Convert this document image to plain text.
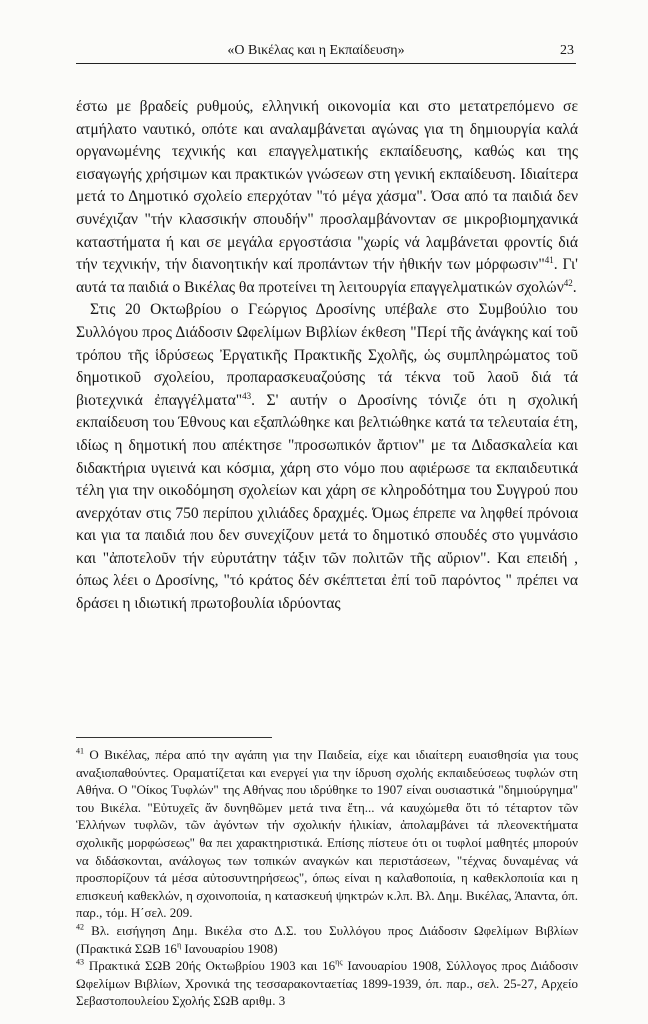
«Ο Βικέλας και η Εκπαίδευση»	23

έστω με βραδείς ρυθμούς, ελληνική οικονομία και στο μετατρεπόμενο σε ατμήλατο ναυτικό, οπότε και αναλαμβάνεται αγώνας για τη δημιουργία καλά οργανωμένης τεχνικής και επαγγελματικής εκπαίδευσης, καθώς και της εισαγωγής χρήσιμων και πρακτικών γνώσεων στη γενική εκπαίδευση. Ιδιαίτερα μετά το Δημοτικό σχολείο επερχόταν "τό μέγα χάσμα". Όσα από τα παιδιά δεν συνέχιζαν "τήν κλασσικήν σπουδήν" προσλαμβάνονταν σε μικροβιομηχανικά καταστήματα ή και σε μεγάλα εργοστάσια "χωρίς νά λαμβάνεται φροντίς διά τήν τεχνικήν, τήν διανοητικήν καί προπάντων τήν ἠθικήν των μόρφωσιν"$^{41}$. Γι' αυτά τα παιδιά ο Βικέλας θα προτείνει τη λειτουργία επαγγελματικών σχολών$^{42}$.

Στις 20 Οκτωβρίου ο Γεώργιος Δροσίνης υπέβαλε στο Συμβούλιο του Συλλόγου προς Διάδοσιν Ωφελίμων Βιβλίων έκθεση "Περί τῆς ἀνάγκης καί τοῦ τρόπου τῆς ἱδρύσεως Ἐργατικῆς Πρακτικῆς Σχολῆς, ὡς συμπληρώματος τοῦ δημοτικοῦ σχολείου, προπαρασκευαζούσης τά τέκνα τοῦ λαοῦ διά τά βιοτεχνικά ἐπαγγέλματα"$^{43}$. Σ' αυτήν ο Δροσίνης τόνιζε ότι η σχολική εκπαίδευση του Έθνους και εξαπλώθηκε και βελτιώθηκε κατά τα τελευταία έτη, ιδίως η δημοτική που απέκτησε "προσωπικόν ἄρτιον" με τα Διδασκαλεία και διδακτήρια υγιεινά και κόσμια, χάρη στο νόμο που αφιέρωσε τα εκπαιδευτικά τέλη για την οικοδόμηση σχολείων και χάρη σε κληροδότημα του Συγγρού που ανερχόταν στις 750 περίπου χιλιάδες δραχμές. Όμως έπρεπε να ληφθεί πρόνοια και για τα παιδιά που δεν συνεχίζουν μετά το δημοτικό σπουδές στο γυμνάσιο και "ἀποτελοῦν τήν εὐρυτάτην τάξιν τῶν πολιτῶν τῆς αὔριον". Και επειδή , όπως λέει ο Δροσίνης, "τό κράτος δέν σκέπτεται ἐπί τοῦ παρόντος " πρέπει να δράσει η ιδιωτική πρωτοβουλία ιδρύοντας

$^{41}$ Ο Βικέλας, πέρα από την αγάπη για την Παιδεία, είχε και ιδιαίτερη ευαισθησία για τους αναξιοπαθούντες. Οραματίζεται και ενεργεί για την ίδρυση σχολής εκπαιδεύσεως τυφλών στη Αθήνα. Ο "Οίκος Τυφλών" της Αθήνας που ιδρύθηκε το 1907 είναι ουσιαστικά "δημιούργημα" του Βικέλα. "Εὐτυχεῖς ἄν δυνηθῶμεν μετά τινα ἔτη... νά καυχώμεθα ὅτι τό τέταρτον τῶν Ἑλλήνων τυφλῶν, τῶν ἀγόντων τήν σχολικήν ἡλικίαν, ἀπολαμβάνει τά πλεονεκτήματα σχολικῆς μορφώσεως" θα πει χαρακτηριστικά. Επίσης πίστευε ότι οι τυφλοί μαθητές μπορούν να διδάσκονται, ανάλογως των τοπικών αναγκών και περιστάσεων, "τέχνας δυναμένας νά προσπορίζουν τά μέσα αὐτοσυντηρήσεως", όπως είναι η καλαθοποιία, η καθεκλοποιία και η επισκευή καθεκλών, η σχοινοποιία, η κατασκευή ψηκτρών κ.λπ. Βλ. Δημ. Βικέλας, Άπαντα, όπ. παρ., τόμ. Η΄σελ. 209.

$^{42}$ Βλ. εισήγηση Δημ. Βικέλα στο Δ.Σ. του Συλλόγου προς Διάδοσιν Ωφελίμων Βιβλίων (Πρακτικά ΣΩΒ $16^\eta$ Ιανουαρίου 1908)

$^{43}$ Πρακτικά ΣΩΒ 20ής Οκτωβρίου 1903 και $16^{\eta\varsigma}$ Ιανουαρίου 1908, Σύλλογος προς Διάδοσιν Ωφελίμων Βιβλίων, Χρονικά της τεσσαρακονταετίας 1899-1939, όπ. παρ., σελ. 25-27, Αρχείο Σεβαστοπουλείου Σχολής ΣΩΒ αριθμ. 3
